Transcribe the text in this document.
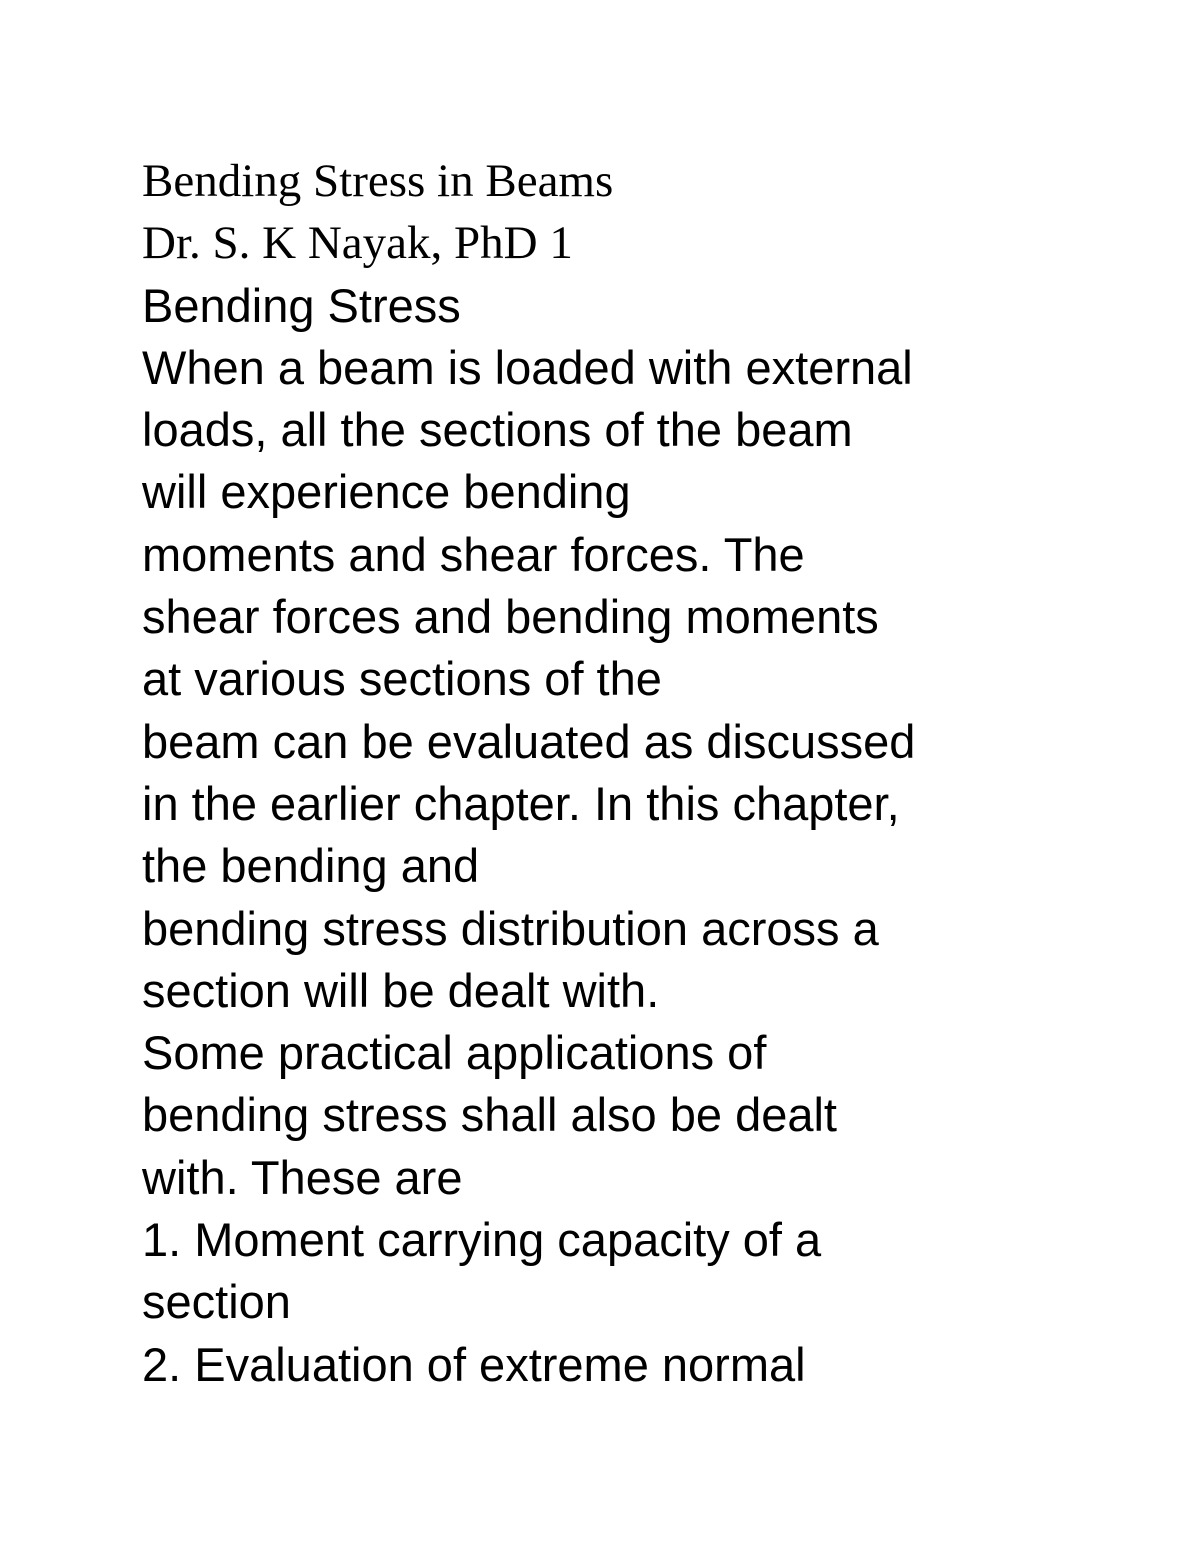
Bending Stress in Beams
Dr. S. K Nayak, PhD 1
Bending Stress
When a beam is loaded with external
loads, all the sections of the beam
will experience bending
moments and shear forces. The
shear forces and bending moments
at various sections of the
beam can be evaluated as discussed
in the earlier chapter. In this chapter,
the bending and
bending stress distribution across a
section will be dealt with.
Some practical applications of
bending stress shall also be dealt
with. These are
1. Moment carrying capacity of a
section
2. Evaluation of extreme normal
